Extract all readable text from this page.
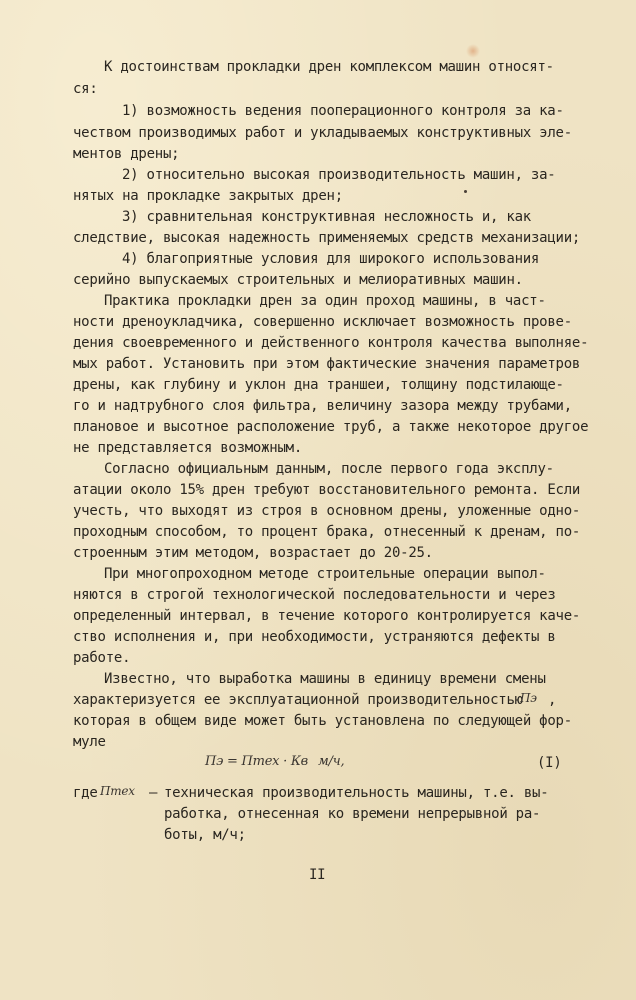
К достоинствам прокладки дрен комплексом машин относят-
ся:
1) возможность ведения пооперационного контроля за ка-
чеством производимых работ и укладываемых конструктивных эле-
ментов дрены;
2) относительно высокая производительность машин, за-
нятых на прокладке закрытых дрен;
3) сравнительная конструктивная несложность и, как
следствие, высокая надежность применяемых средств механизации;
4) благоприятные условия для широкого использования
серийно выпускаемых строительных и мелиоративных машин.
Практика прокладки дрен за один проход машины, в част-
ности дреноукладчика, совершенно исключает возможность прове-
дения своевременного и действенного контроля качества выполняе-
мых работ. Установить при этом фактические значения параметров
дрены, как глубину и уклон дна траншеи, толщину подстилающе-
го и надтрубного слоя фильтра, величину зазора между трубами,
плановое и высотное расположение труб, а также некоторое другое
не представляется возможным.
Согласно официальным данным, после первого года эксплу-
атации около 15% дрен требуют восстановительного ремонта. Если
учесть, что выходят из строя в основном дрены, уложенные одно-
проходным способом, то процент брака, отнесенный к дренам, по-
строенным этим методом, возрастает до 20-25.
При многопроходном методе строительные операции выпол-
няются в строгой технологической последовательности и через
определенный интервал, в течение которого контролируется каче-
ство исполнения и, при необходимости, устраняются дефекты в
работе.
Известно, что выработка машины в единицу времени смены
характеризуется ее эксплуатационной производительностью
Пэ ,
которая в общем виде может быть установлена по следующей фор-
муле
Пэ = Птех · Кв м/ч,	(I)
где Птех – техническая производительность машины, т.е. вы-
работка, отнесенная ко времени непрерывной ра-
боты, м/ч;
II
